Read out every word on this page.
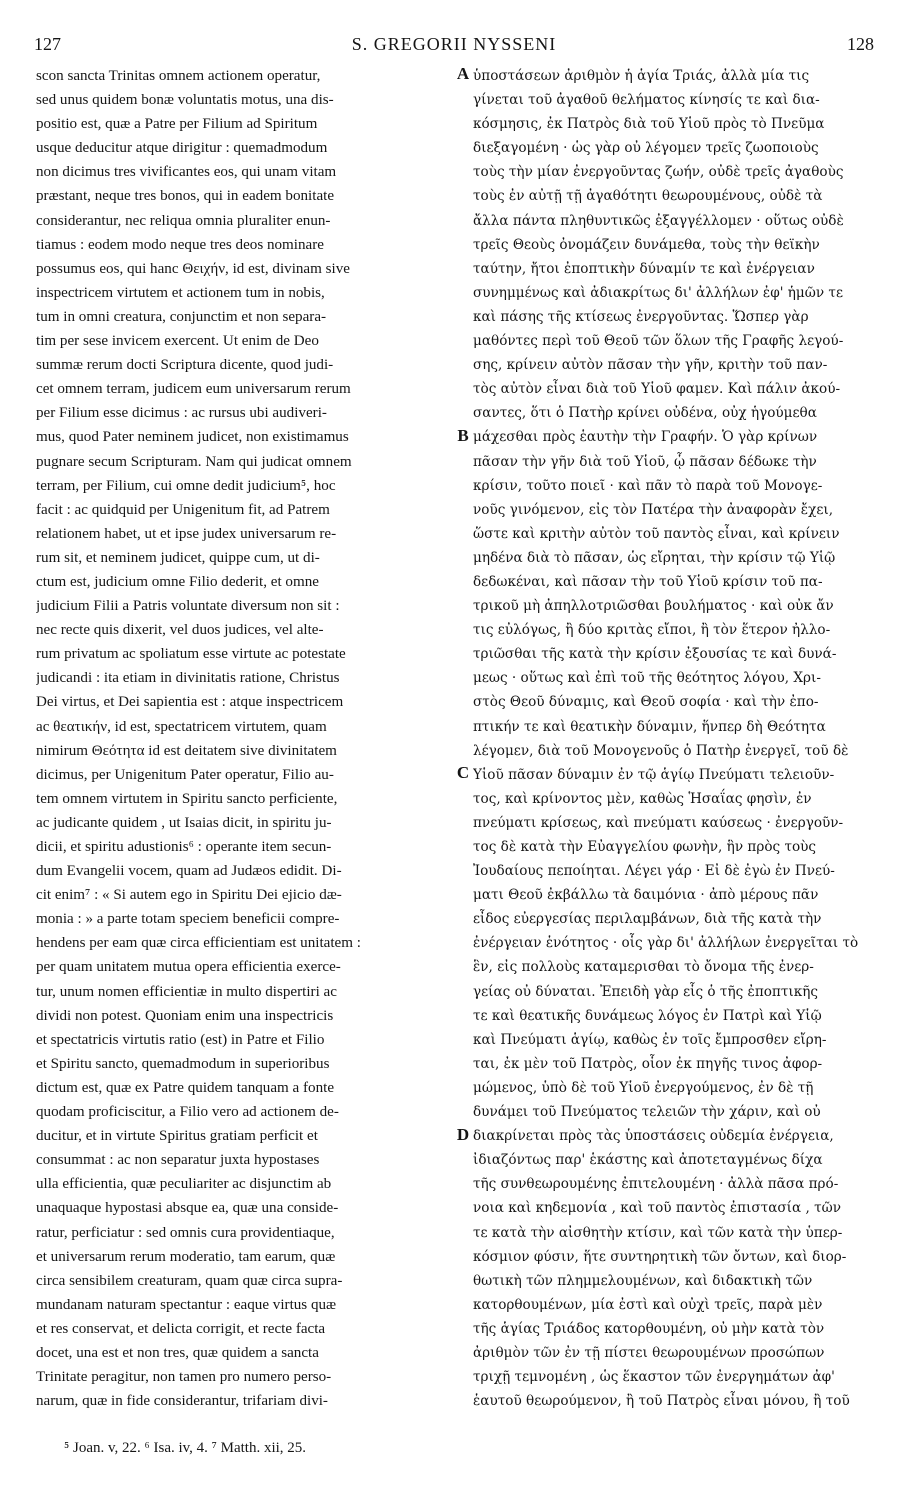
127	S. GREGORII NYSSENI	128
scon sancta Trinitas omnem actionem operatur,
sed unus quidem bonæ voluntatis motus, una dis-
positio est, quæ a Patre per Filium ad Spiritum
usque deducitur atque dirigitur : quemadmodum
non dicimus tres vivificantes eos, qui unam vitam
præstant, neque tres bonos, qui in eadem bonitate
considerantur, nec reliqua omnia pluraliter enun-
tiamus : eodem modo neque tres deos nominare
possumus eos, qui hanc Θειχήν, id est, divinam sive
inspectricem virtutem et actionem tum in nobis,
tum in omni creatura, conjunctim et non separa-
tim per sese invicem exercent. Ut enim de Deo
summæ rerum docti Scriptura dicente, quod judi-
cet omnem terram, judicem eum universarum rerum
per Filium esse dicimus : ac rursus ubi audiveri-
mus, quod Pater neminem judicet, non existimamus
pugnare secum Scripturam. Nam qui judicat omnem
terram, per Filium, cui omne dedit judicium⁵, hoc
facit : ac quidquid per Unigenitum fit, ad Patrem
relationem habet, ut et ipse judex universarum re-
rum sit, et neminem judicet, quippe cum, ut di-
ctum est, judicium omne Filio dederit, et omne
judicium Filii a Patris voluntate diversum non sit :
nec recte quis dixerit, vel duos judices, vel alte-
rum privatum ac spoliatum esse virtute ac potestate
judicandi : ita etiam in divinitatis ratione, Christus
Dei virtus, et Dei sapientia est : atque inspectricem
ac θεατικήν, id est, spectatricem virtutem, quam
nimirum Θεότητα id est deitatem sive divinitatem
dicimus, per Unigenitum Pater operatur, Filio au-
tem omnem virtutem in Spiritu sancto perficiente,
ac judicante quidem , ut Isaias dicit, in spiritu ju-
dicii, et spiritu adustionis⁶ : operante item secun-
dum Evangelii vocem, quam ad Judæos edidit. Di-
cit enim⁷ : « Si autem ego in Spiritu Dei ejicio dæ-
monia : » a parte totam speciem beneficii compre-
hendens per eam quæ circa efficientiam est unitatem :
per quam unitatem mutua opera efficientia exerce-
tur, unum nomen efficientiæ in multo dispertiri ac
dividi non potest. Quoniam enim una inspectricis
et spectatricis virtutis ratio (est) in Patre et Filio
et Spiritu sancto, quemadmodum in superioribus
dictum est, quæ ex Patre quidem tanquam a fonte
quodam proficiscitur, a Filio vero ad actionem de-
ducitur, et in virtute Spiritus gratiam perficit et
consummat : ac non separatur juxta hypostases
ulla efficientia, quæ peculiariter ac disjunctim ab
unaquaque hypostasi absque ea, quæ una conside-
ratur, perficiatur : sed omnis cura providentiaque,
et universarum rerum moderatio, tam earum, quæ
circa sensibilem creaturam, quam quæ circa supra-
mundanam naturam spectantur : eaque virtus quæ
et res conservat, et delicta corrigit, et recte facta
docet, una est et non tres, quæ quidem a sancta
Trinitate peragitur, non tamen pro numero perso-
narum, quæ in fide considerantur, trifariam divi-
A
B
C
D
ὑποστάσεων ἀριθμὸν ἡ ἁγία Τριάς, ἀλλὰ μία τις
γίνεται τοῦ ἀγαθοῦ θελήματος κίνησίς τε καὶ δια-
κόσμησις, ἐκ Πατρὸς διὰ τοῦ Υἱοῦ πρὸς τὸ Πνεῦμα
διεξαγομένη · ὡς γὰρ οὐ λέγομεν τρεῖς ζωοποιοὺς
τοὺς τὴν μίαν ἐνεργοῦντας ζωήν, οὐδὲ τρεῖς ἀγαθοὺς
τοὺς ἐν αὐτῇ τῇ ἀγαθότητι θεωρουμένους, οὐδὲ τὰ
ἄλλα πάντα πληθυντικῶς ἐξαγγέλλομεν · οὕτως οὐδὲ
τρεῖς Θεοὺς ὀνομάζειν δυνάμεθα, τοὺς τὴν θεϊκὴν
ταύτην, ἤτοι ἐποπτικὴν δύναμίν τε καὶ ἐνέργειαν
συνημμένως καὶ ἀδιακρίτως δι' ἀλλήλων ἐφ' ἡμῶν τε
καὶ πάσης τῆς κτίσεως ἐνεργοῦντας. Ὥσπερ γὰρ
μαθόντες περὶ τοῦ Θεοῦ τῶν ὅλων τῆς Γραφῆς λεγού-
σης, κρίνειν αὐτὸν πᾶσαν τὴν γῆν, κριτὴν τοῦ παν-
τὸς αὐτὸν εἶναι διὰ τοῦ Υἱοῦ φαμεν. Καὶ πάλιν ἀκού-
σαντες, ὅτι ὁ Πατὴρ κρίνει οὐδένα, οὐχ ἡγούμεθα
μάχεσθαι πρὸς ἑαυτὴν τὴν Γραφήν. Ὁ γὰρ κρίνων
πᾶσαν τὴν γῆν διὰ τοῦ Υἱοῦ, ᾧ πᾶσαν δέδωκε τὴν
κρίσιν, τοῦτο ποιεῖ · καὶ πᾶν τὸ παρὰ τοῦ Μονογε-
νοῦς γινόμενον, εἰς τὸν Πατέρα τὴν ἀναφορὰν ἔχει,
ὥστε καὶ κριτὴν αὐτὸν τοῦ παντὸς εἶναι, καὶ κρίνειν
μηδένα διὰ τὸ πᾶσαν, ὡς εἴρηται, τὴν κρίσιν τῷ Υἱῷ
δεδωκέναι, καὶ πᾶσαν τὴν τοῦ Υἱοῦ κρίσιν τοῦ πα-
τρικοῦ μὴ ἀπηλλοτριῶσθαι βουλήματος · καὶ οὐκ ἄν
τις εὐλόγως, ἢ δύο κριτὰς εἴποι, ἢ τὸν ἕτερον ἠλλο-
τριῶσθαι τῆς κατὰ τὴν κρίσιν ἐξουσίας τε καὶ δυνά-
μεως · οὕτως καὶ ἐπὶ τοῦ τῆς θεότητος λόγου, Χρι-
στὸς Θεοῦ δύναμις, καὶ Θεοῦ σοφία · καὶ τὴν ἐπο-
πτικήν τε καὶ θεατικὴν δύναμιν, ἥνπερ δὴ Θεότητα
λέγομεν, διὰ τοῦ Μονογενοῦς ὁ Πατὴρ ἐνεργεῖ, τοῦ δὲ
Υἱοῦ πᾶσαν δύναμιν ἐν τῷ ἁγίῳ Πνεύματι τελειοῦν-
τος, καὶ κρίνοντος μὲν, καθὼς Ἡσαΐας φησὶν, ἐν
πνεύματι κρίσεως, καὶ πνεύματι καύσεως · ἐνεργοῦν-
τος δὲ κατὰ τὴν Εὐαγγελίου φωνὴν, ἣν πρὸς τοὺς
Ἰουδαίους πεποίηται. Λέγει γάρ · Εἰ δὲ ἐγὼ ἐν Πνεύ-
ματι Θεοῦ ἐκβάλλω τὰ δαιμόνια · ἀπὸ μέρους πᾶν
εἶδος εὐεργεσίας περιλαμβάνων, διὰ τῆς κατὰ τὴν
ἐνέργειαν ἑνότητος · οἷς γὰρ δι' ἀλλήλων ἐνεργεῖται τὸ
ἓν, εἰς πολλοὺς καταμερισθαι τὸ ὄνομα τῆς ἐνερ-
γείας οὐ δύναται. Ἐπειδὴ γὰρ εἷς ὁ τῆς ἐποπτικῆς
τε καὶ θεατικῆς δυνάμεως λόγος ἐν Πατρὶ καὶ Υἱῷ
καὶ Πνεύματι ἁγίῳ, καθὼς ἐν τοῖς ἔμπροσθεν εἴρη-
ται, ἐκ μὲν τοῦ Πατρὸς, οἷον ἐκ πηγῆς τινος ἀφορ-
μώμενος, ὑπὸ δὲ τοῦ Υἱοῦ ἐνεργούμενος, ἐν δὲ τῇ
δυνάμει τοῦ Πνεύματος τελειῶν τὴν χάριν, καὶ οὐ
διακρίνεται πρὸς τὰς ὑποστάσεις οὐδεμία ἐνέργεια,
ἰδιαζόντως παρ' ἑκάστης καὶ ἀποτεταγμένως δίχα
τῆς συνθεωρουμένης ἐπιτελουμένη · ἀλλὰ πᾶσα πρό-
νοια καὶ κηδεμονία , καὶ τοῦ παντὸς ἐπιστασία , τῶν
τε κατὰ τὴν αἰσθητὴν κτίσιν, καὶ τῶν κατὰ τὴν ὑπερ-
κόσμιον φύσιν, ἥτε συντηρητικὴ τῶν ὄντων, καὶ διορ-
θωτικὴ τῶν πλημμελουμένων, καὶ διδακτικὴ τῶν
κατορθουμένων, μία ἐστὶ καὶ οὐχὶ τρεῖς, παρὰ μὲν
τῆς ἁγίας Τριάδος κατορθουμένη, οὐ μὴν κατὰ τὸν
ἀριθμὸν τῶν ἐν τῇ πίστει θεωρουμένων προσώπων
τριχῇ τεμνομένη , ὡς ἕκαστον τῶν ἐνεργημάτων ἀφ'
ἑαυτοῦ θεωρούμενον, ἢ τοῦ Πατρὸς εἶναι μόνου, ἢ τοῦ
⁵ Joan. v, 22. ⁶ Isa. iv, 4. ⁷ Matth. xii, 25.
